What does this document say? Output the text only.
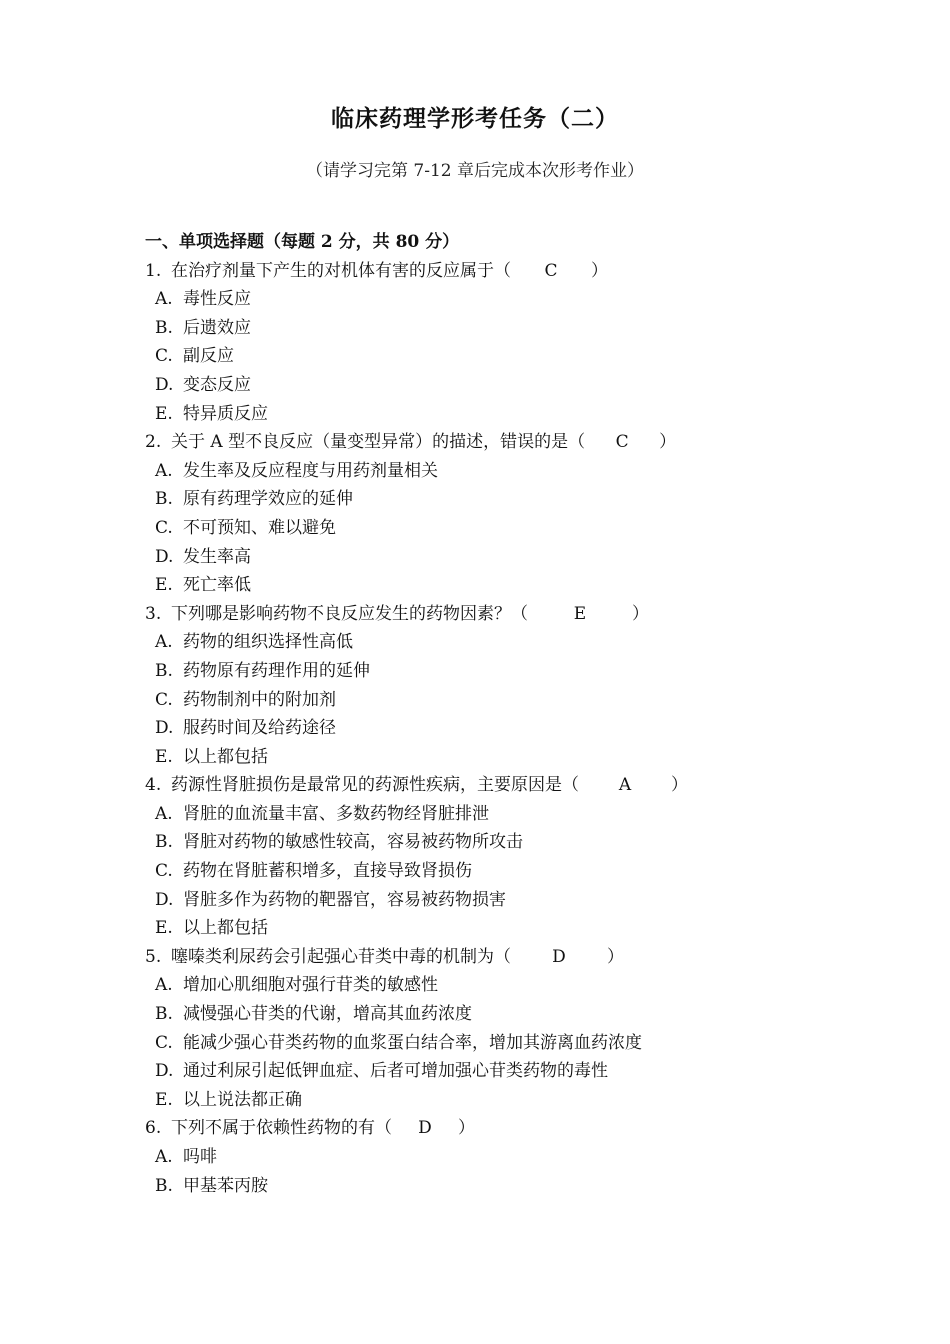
临床药理学形考任务（二）
（请学习完第 7-12 章后完成本次形考作业）
一、单项选择题（每题 2 分，共 80 分）
1. 在治疗剂量下产生的对机体有害的反应属于（ C ）
A. 毒性反应
B. 后遗效应
C. 副反应
D. 变态反应
E. 特异质反应
2. 关于 A 型不良反应（量变型异常）的描述，错误的是（ C ）
A. 发生率及反应程度与用药剂量相关
B. 原有药理学效应的延伸
C. 不可预知、难以避免
D. 发生率高
E. 死亡率低
3. 下列哪是影响药物不良反应发生的药物因素？（	E	）
A. 药物的组织选择性高低
B. 药物原有药理作用的延伸
C. 药物制剂中的附加剂
D. 服药时间及给药途径
E. 以上都包括
4. 药源性肾脏损伤是最常见的药源性疾病，主要原因是（ A ）
A. 肾脏的血流量丰富、多数药物经肾脏排泄
B. 肾脏对药物的敏感性较高，容易被药物所攻击
C. 药物在肾脏蓄积增多，直接导致肾损伤
D. 肾脏多作为药物的靶器官，容易被药物损害
E. 以上都包括
5. 噻嗪类利尿药会引起强心苷类中毒的机制为（ D ）
A. 增加心肌细胞对强行苷类的敏感性
B. 减慢强心苷类的代谢，增高其血药浓度
C. 能减少强心苷类药物的血浆蛋白结合率，增加其游离血药浓度
D. 通过利尿引起低钾血症、后者可增加强心苷类药物的毒性
E. 以上说法都正确
6. 下列不属于依赖性药物的有（ D ）
A. 吗啡
B. 甲基苯丙胺
